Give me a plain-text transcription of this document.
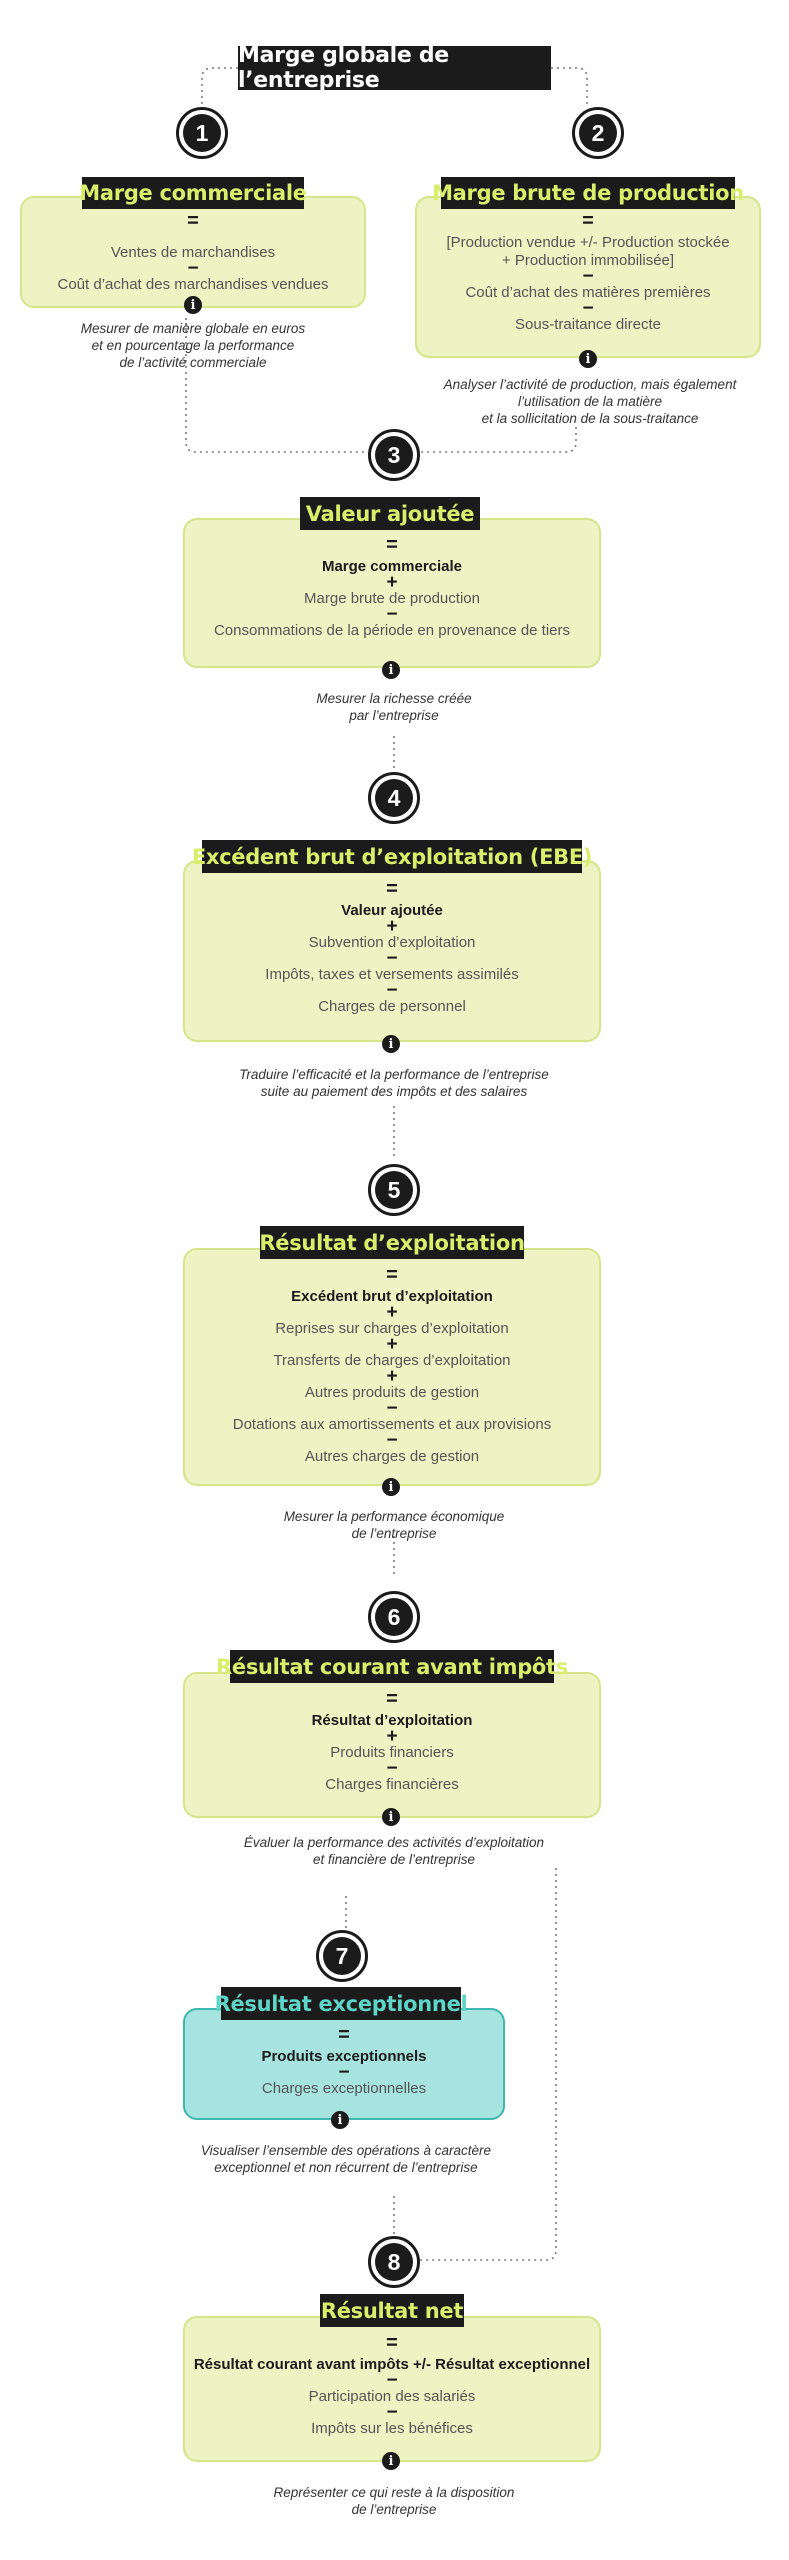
Marge globale de l’entreprise
1	2
3
4
5
6
7
8
=
Ventes de marchandises
−
Coût d’achat des marchandises vendues
Marge commerciale
i
Mesurer de manière globale en euros
et en pourcentage la performance
de l’activité commerciale
=
[Production vendue +/- Production stockée
+ Production immobilisée]
−
Coût d’achat des matières premières
−
Sous-traitance directe
Marge brute de production
i
Analyser l’activité de production, mais également
l’utilisation de la matière
et la sollicitation de la sous-traitance
=
Marge commerciale
+
Marge brute de production
−
Consommations de la période en provenance de tiers
Valeur ajoutée
i
Mesurer la richesse créée
par l’entreprise
=
Valeur ajoutée
+
Subvention d’exploitation
−
Impôts, taxes et versements assimilés
−
Charges de personnel
Excédent brut d’exploitation (EBE)
i
Traduire l’efficacité et la performance de l’entreprise
suite au paiement des impôts et des salaires
=
Excédent brut d’exploitation
+
Reprises sur charges d’exploitation
+
Transferts de charges d’exploitation
+
Autres produits de gestion
−
Dotations aux amortissements et aux provisions
−
Autres charges de gestion
Résultat d’exploitation
i
Mesurer la performance économique
de l’entreprise
=
Résultat d’exploitation
+
Produits financiers
−
Charges financières
Résultat courant avant impôts
i
Évaluer la performance des activités d’exploitation
et financière de l’entreprise
=
Produits exceptionnels
−
Charges exceptionnelles
Résultat exceptionnel
i
Visualiser l’ensemble des opérations à caractère
exceptionnel et non récurrent de l’entreprise
=
Résultat courant avant impôts +/- Résultat exceptionnel
−
Participation des salariés
−
Impôts sur les bénéfices
Résultat net
i
Représenter ce qui reste à la disposition
de l’entreprise
